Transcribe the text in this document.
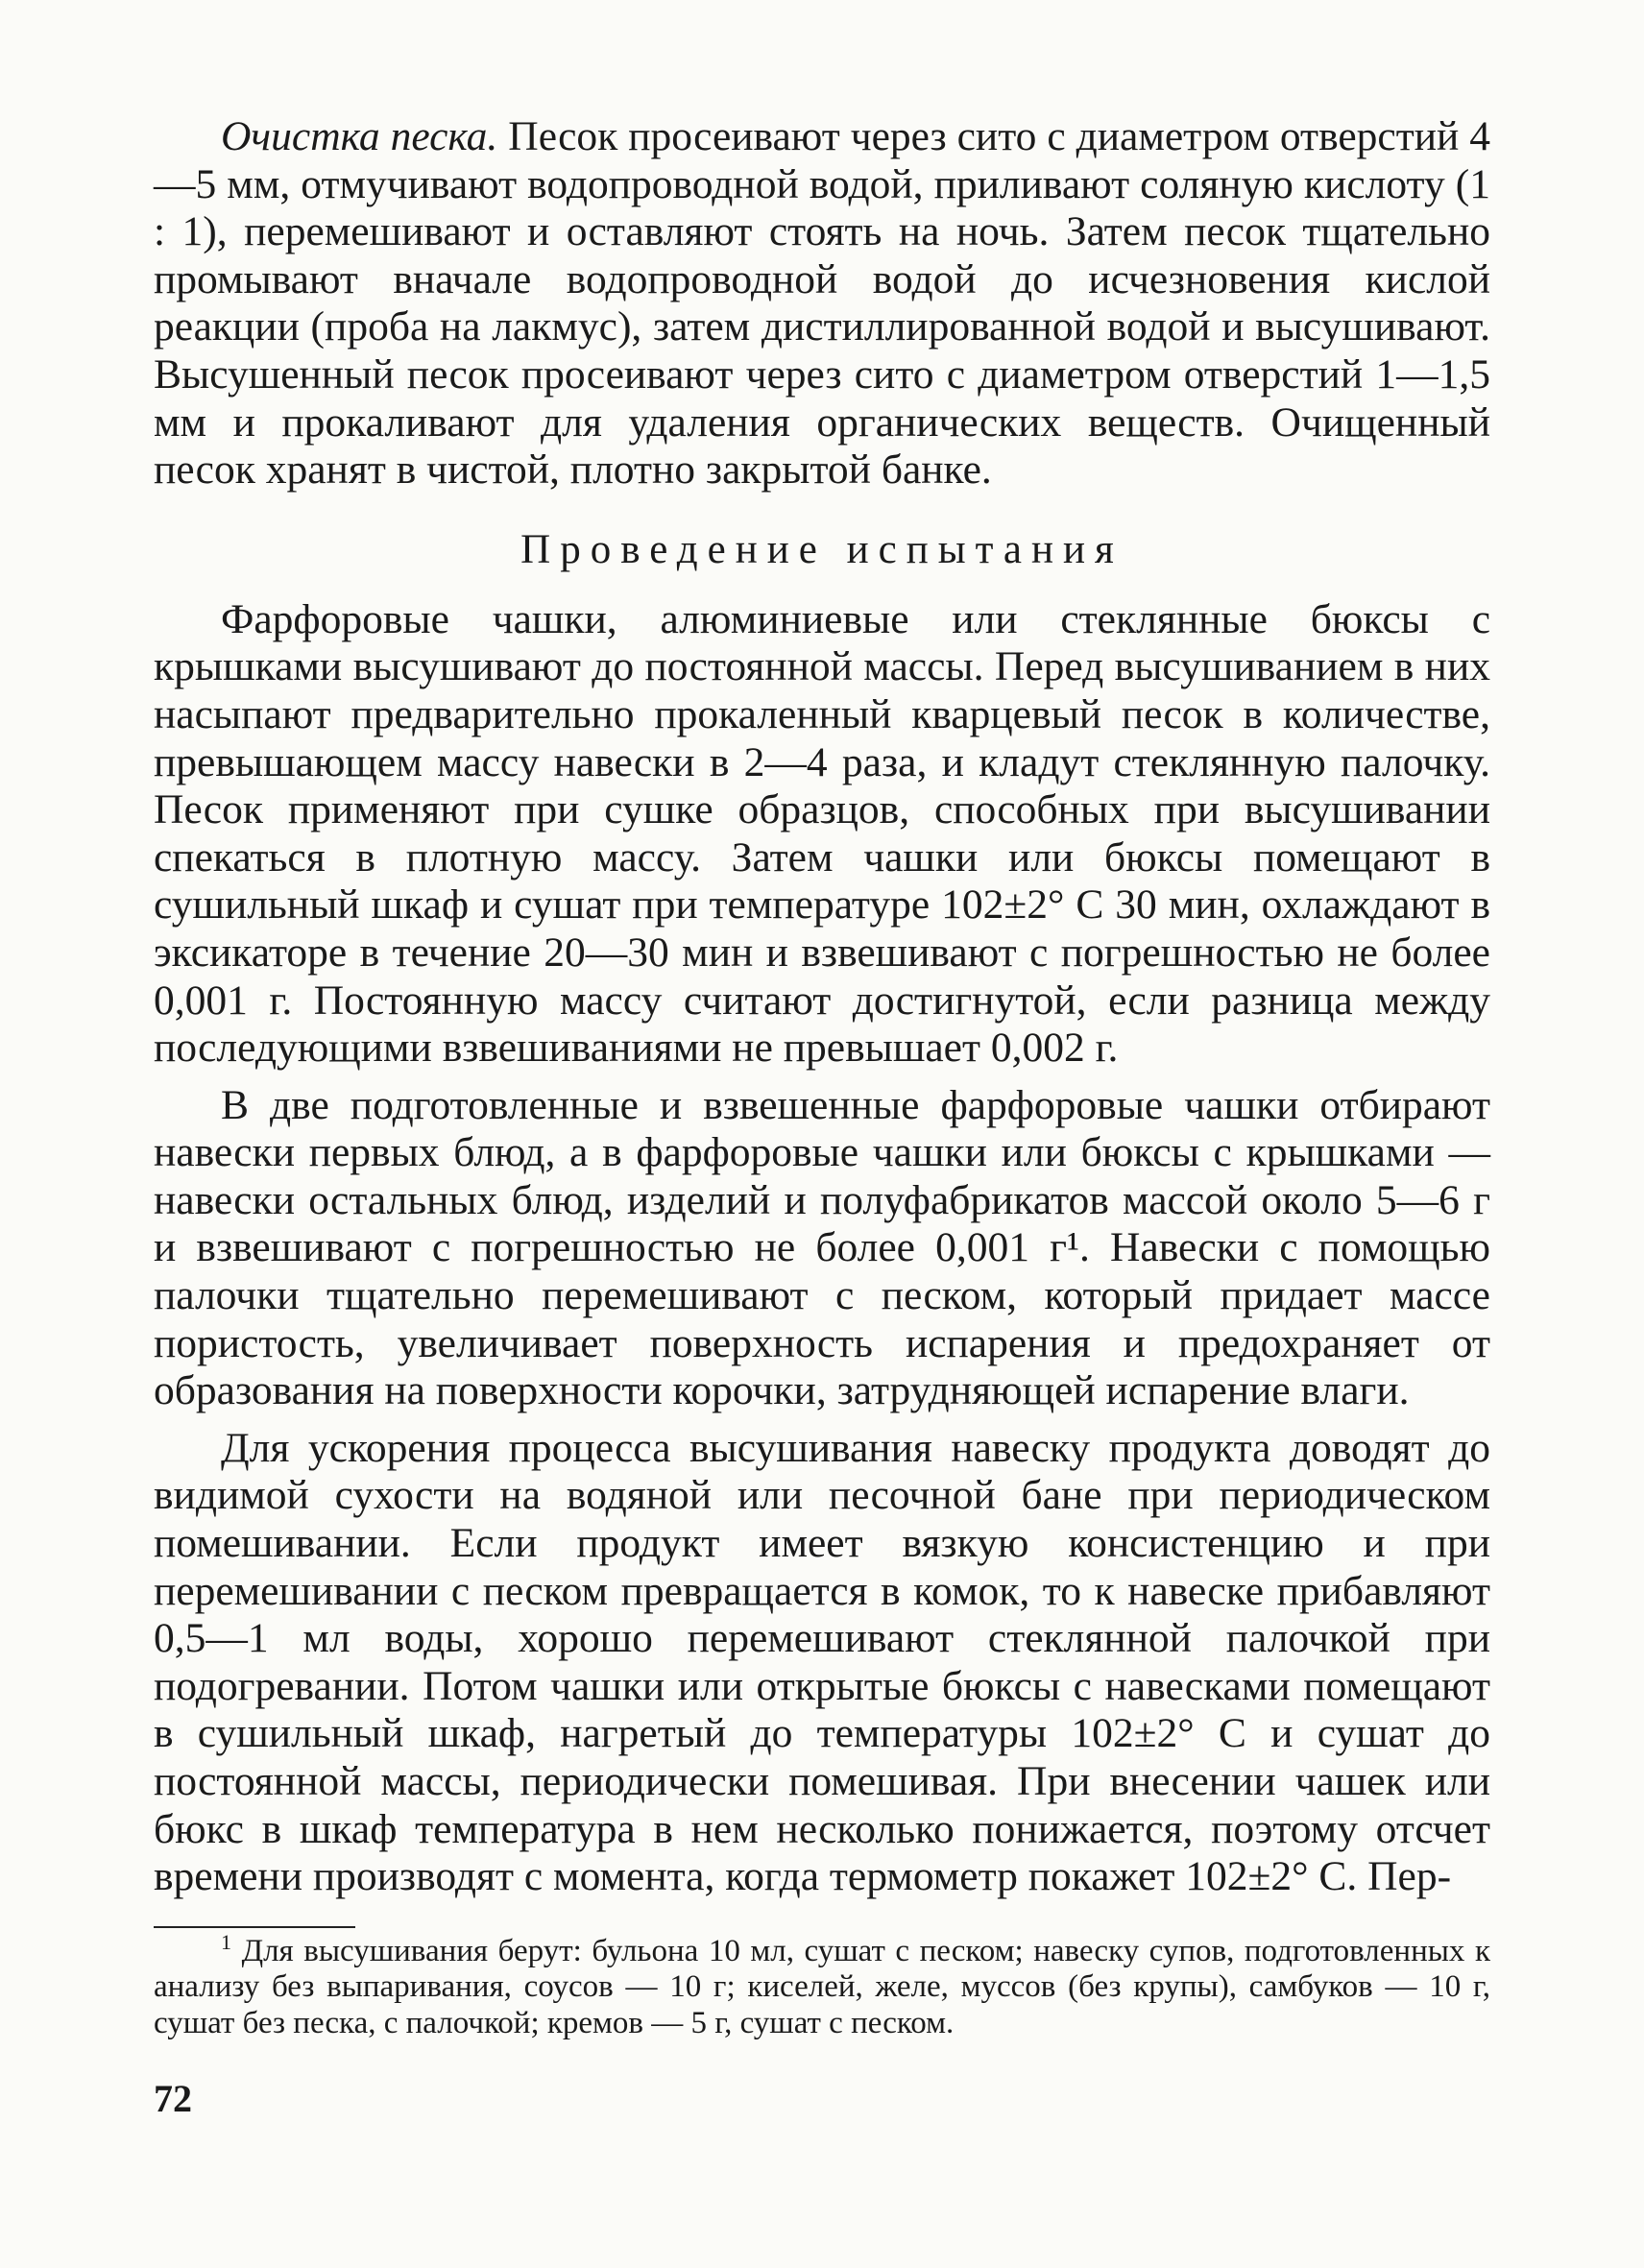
Очистка песка. Песок просеивают через сито с диаметром отверстий 4—5 мм, отмучивают водопроводной водой, приливают соляную кислоту (1 : 1), перемешивают и оставляют стоять на ночь. Затем песок тщательно промывают вначале водопроводной водой до исчезновения кислой реакции (проба на лакмус), затем дистиллированной водой и высушивают. Высушенный песок просеивают через сито с диаметром отверстий 1—1,5 мм и прокаливают для удаления органических веществ. Очищенный песок хранят в чистой, плотно закрытой банке.

Проведение испытания

Фарфоровые чашки, алюминиевые или стеклянные бюксы с крышками высушивают до постоянной массы. Перед высушиванием в них насыпают предварительно прокаленный кварцевый песок в количестве, превышающем массу навески в 2—4 раза, и кладут стеклянную палочку. Песок применяют при сушке образцов, способных при высушивании спекаться в плотную массу. Затем чашки или бюксы помещают в сушильный шкаф и сушат при температуре 102±2° С 30 мин, охлаждают в эксикаторе в течение 20—30 мин и взвешивают с погрешностью не более 0,001 г. Постоянную массу считают достигнутой, если разница между последующими взвешиваниями не превышает 0,002 г.

В две подготовленные и взвешенные фарфоровые чашки отбирают навески первых блюд, а в фарфоровые чашки или бюксы с крышками — навески остальных блюд, изделий и полуфабрикатов массой около 5—6 г и взвешивают с погрешностью не более 0,001 г¹. Навески с помощью палочки тщательно перемешивают с песком, который придает массе пористость, увеличивает поверхность испарения и предохраняет от образования на поверхности корочки, затрудняющей испарение влаги.

Для ускорения процесса высушивания навеску продукта доводят до видимой сухости на водяной или песочной бане при периодическом помешивании. Если продукт имеет вязкую консистенцию и при перемешивании с песком превращается в комок, то к навеске прибавляют 0,5—1 мл воды, хорошо перемешивают стеклянной палочкой при подогревании. Потом чашки или открытые бюксы с навесками помещают в сушильный шкаф, нагретый до температуры 102±2° С и сушат до постоянной массы, периодически помешивая. При внесении чашек или бюкс в шкаф температура в нем несколько понижается, поэтому отсчет времени производят с момента, когда термометр покажет 102±2° С. Пер-

$^1$ Для высушивания берут: бульона 10 мл, сушат с песком; навеску супов, подготовленных к анализу без выпаривания, соусов — 10 г; киселей, желе, муссов (без крупы), самбуков — 10 г, сушат без песка, с палочкой; кремов — 5 г, сушат с песком.

72
